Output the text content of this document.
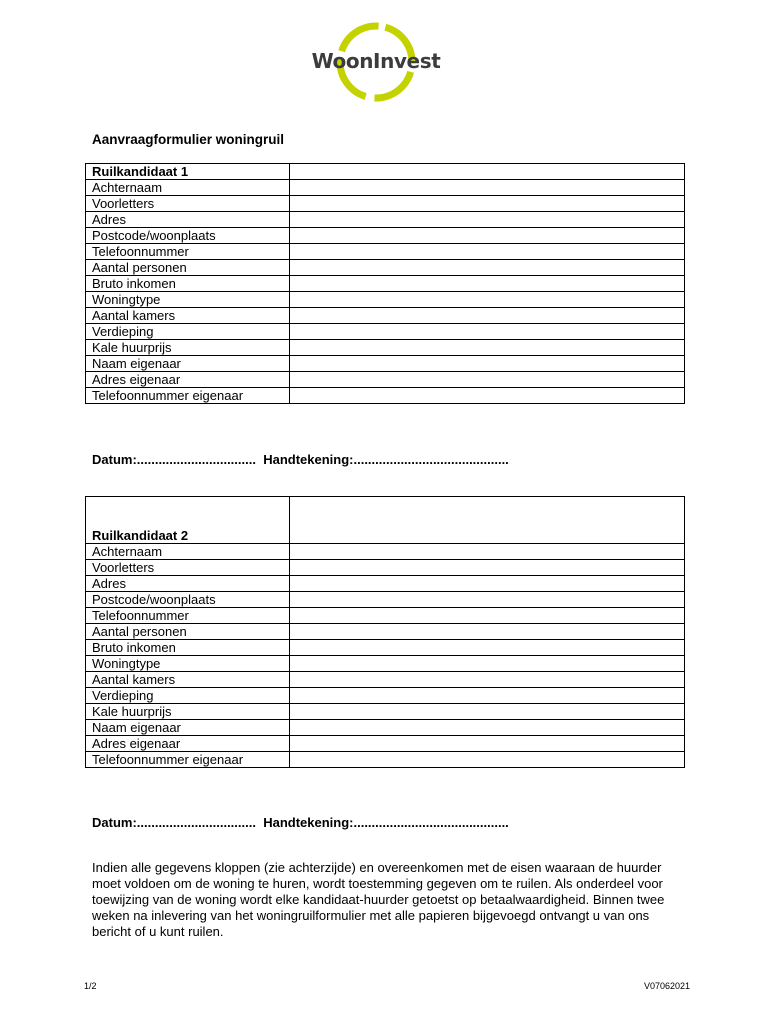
WoonInvest
Aanvraagformulier woningruil
Ruilkandidaat 1	
Achternaam	
Voorletters	
Adres	
Postcode/woonplaats	
Telefoonnummer	
Aantal personen	
Bruto inkomen	
Woningtype	
Aantal kamers	
Verdieping	
Kale huurprijs	
Naam eigenaar	
Adres eigenaar	
Telefoonnummer eigenaar	
Datum:................................. Handtekening:...........................................
Ruilkandidaat 2	
Achternaam	
Voorletters	
Adres	
Postcode/woonplaats	
Telefoonnummer	
Aantal personen	
Bruto inkomen	
Woningtype	
Aantal kamers	
Verdieping	
Kale huurprijs	
Naam eigenaar	
Adres eigenaar	
Telefoonnummer eigenaar	
Datum:................................. Handtekening:...........................................
Indien alle gegevens kloppen (zie achterzijde) en overeenkomen met de eisen waaraan de huurder moet voldoen om de woning te huren, wordt toestemming gegeven om te ruilen. Als onderdeel voor toewijzing van de woning wordt elke kandidaat-huurder getoetst op betaalwaardigheid. Binnen twee weken na inlevering van het woningruilformulier met alle papieren bijgevoegd ontvangt u van ons bericht of u kunt ruilen.
1/2	V07062021
